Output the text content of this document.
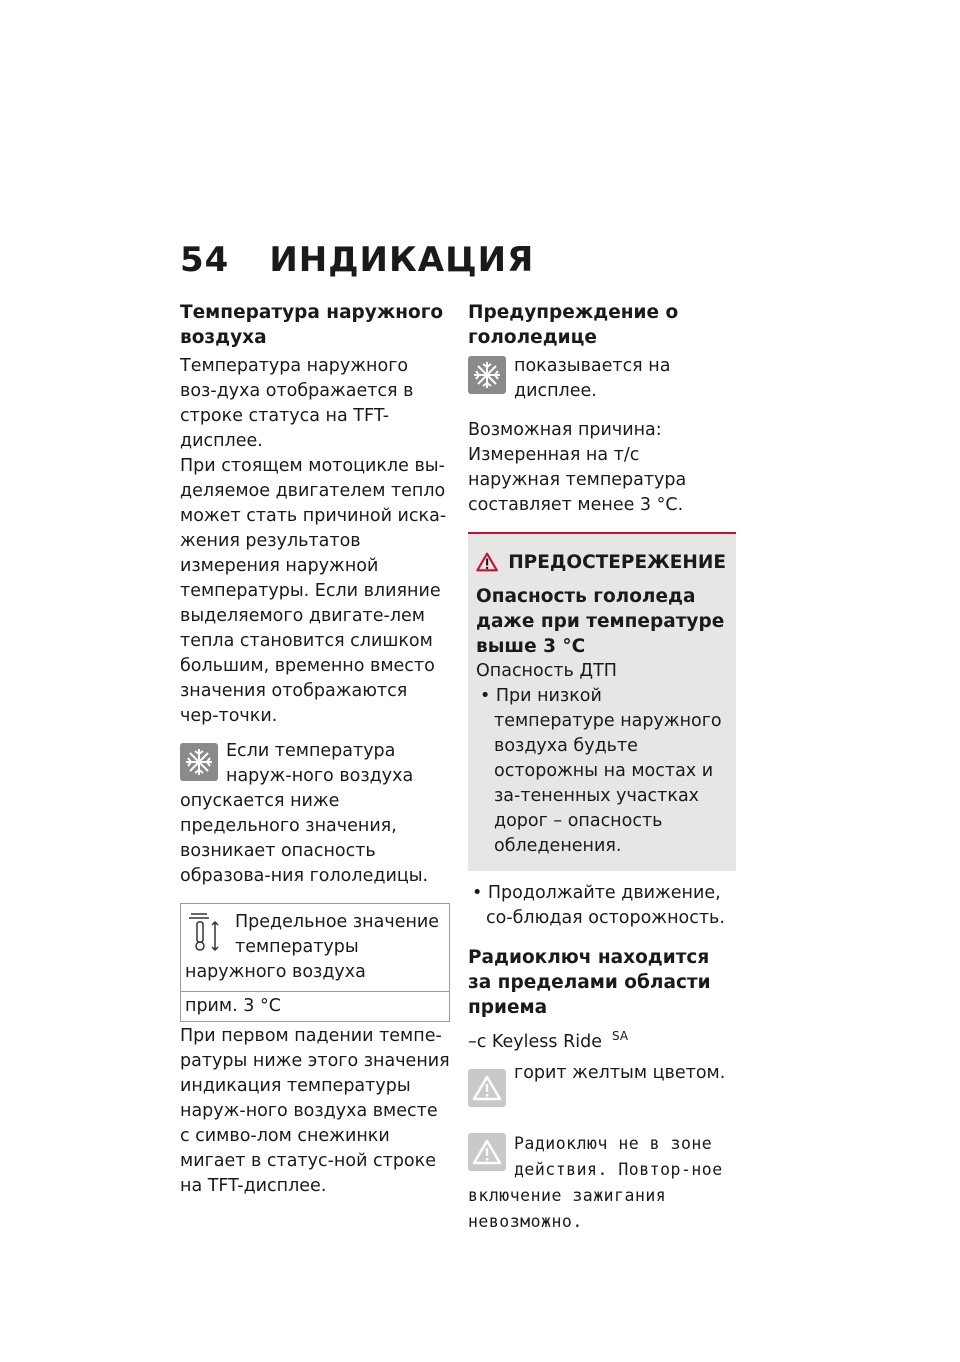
54 ИНДИКАЦИЯ
Температура наружного воздуха

Температура наружного воз-духа отображается в строке статуса на TFT-дисплее.

При стоящем мотоцикле вы-деляемое двигателем тепло может стать причиной иска-жения результатов измерения наружной температуры. Если влияние выделяемого двигате-лем тепла становится слишком большим, временно вместо значения отображаются чер-точки.

Если температура наруж-ного воздуха опускается ниже предельного значения, возникает опасность образова-ния гололедицы.

Предельное значение температуры наружного воздуха
прим. 3 °C

При первом падении темпе-ратуры ниже этого значения индикация температуры наруж-ного воздуха вместе с симво-лом снежинки мигает в статус-ной строке на TFT-дисплее.

Предупреждение о гололедице

показывается на дисплее.

Возможная причина:

Измеренная на т/с наружная температура составляет менее 3 °C.

ПРЕДОСТЕРЕЖЕНИЕ
Опасность гололеда даже при температуре выше 3 °C

Опасность ДТП

• При низкой температуре наружного воздуха будьте осторожны на мостах и за-тененных участках дорог – опасность обледенения.

• Продолжайте движение, со-блюдая осторожность.

Радиоключ находится за пределами области приема

–с Keyless Ride $^{SA}$

горит желтым цветом.

Радиоключ не в зоне действия. Повтор-ное включение зажигания невозможно.
